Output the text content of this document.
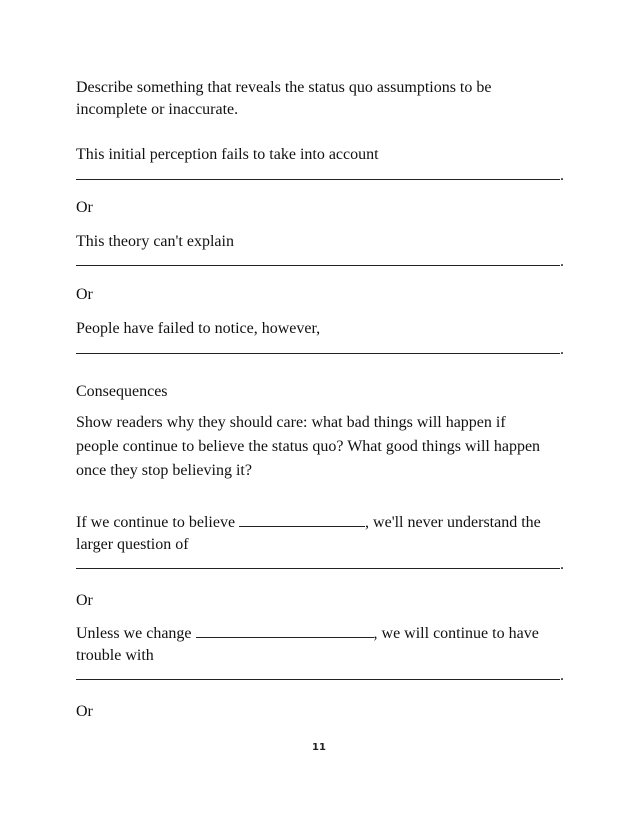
Describe something that reveals the status quo assumptions to be
incomplete or inaccurate.
This initial perception fails to take into account
.
Or
This theory can't explain
.
Or
People have failed to notice, however,
.
Consequences
Show readers why they should care: what bad things will happen if
people continue to believe the status quo? What good things will happen
once they stop believing it?
If we continue to believe	, we'll never understand the
larger question of
.
Or
Unless we change	, we will continue to have
trouble with
.
Or
11
